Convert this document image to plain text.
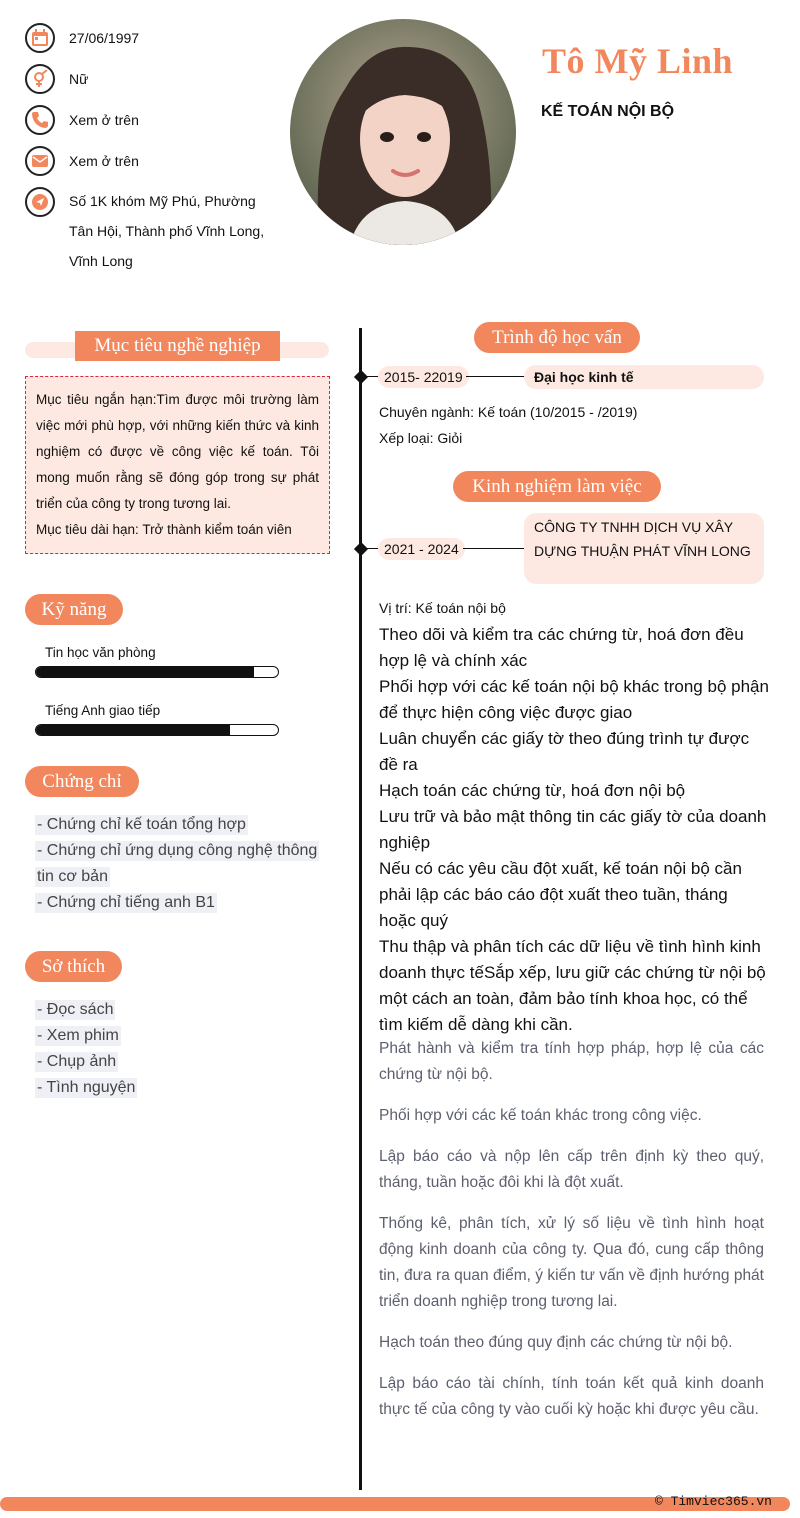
27/06/1997
Nữ
Xem ở trên
Xem ở trên
Số 1K khóm Mỹ Phú, Phường Tân Hội, Thành phố Vĩnh Long, Vĩnh Long
Tô Mỹ Linh
KẾ TOÁN NỘI BỘ
Mục tiêu nghề nghiệp

Mục tiêu ngắn hạn:Tìm được môi trường làm việc mới phù hợp, với những kiến thức và kinh nghiệm có được về công việc kế toán. Tôi mong muốn rằng sẽ đóng góp trong sự phát triển của công ty trong tương lai.

Mục tiêu dài hạn: Trở thành kiểm toán viên

Kỹ năng
Tin học văn phòng
Tiếng Anh giao tiếp
Chứng chỉ
- Chứng chỉ kế toán tổng hợp
- Chứng chỉ ứng dụng công nghệ thông
tin cơ bản
- Chứng chỉ tiếng anh B1
Sở thích
- Đọc sách
- Xem phim
- Chụp ảnh
- Tình nguyện
Trình độ học vấn
2015- 22019	Đại học kinh tế
Chuyên ngành: Kế toán (10/2015 - /2019)
Xếp loại: Giỏi
Kinh nghiệm làm việc
2021 - 2024
CÔNG TY TNHH DỊCH VỤ XÂY DỰNG THUẬN PHÁT VĨNH LONG
Vị trí: Kế toán nội bộ
Theo dõi và kiểm tra các chứng từ, hoá đơn đều hợp lệ và chính xác
Phối hợp với các kế toán nội bộ khác trong bộ phận để thực hiện công việc được giao
Luân chuyển các giấy tờ theo đúng trình tự được đề ra
Hạch toán các chứng từ, hoá đơn nội bộ
Lưu trữ và bảo mật thông tin các giấy tờ của doanh nghiệp
Nếu có các yêu cầu đột xuất, kế toán nội bộ cần phải lập các báo cáo đột xuất theo tuần, tháng hoặc quý
Thu thập và phân tích các dữ liệu về tình hình kinh doanh thực tếSắp xếp, lưu giữ các chứng từ nội bộ một cách an toàn, đảm bảo tính khoa học, có thể tìm kiếm dễ dàng khi cần.
Phát hành và kiểm tra tính hợp pháp, hợp lệ của các chứng từ nội bộ.
Phối hợp với các kế toán khác trong công việc.
Lập báo cáo và nộp lên cấp trên định kỳ theo quý, tháng, tuần hoặc đôi khi là đột xuất.
Thống kê, phân tích, xử lý số liệu về tình hình hoạt động kinh doanh của công ty. Qua đó, cung cấp thông tin, đưa ra quan điểm, ý kiến tư vấn về định hướng phát triển doanh nghiệp trong tương lai.
Hạch toán theo đúng quy định các chứng từ nội bộ.
Lập báo cáo tài chính, tính toán kết quả kinh doanh thực tế của công ty vào cuối kỳ hoặc khi được yêu cầu.
© Timviec365.vn
